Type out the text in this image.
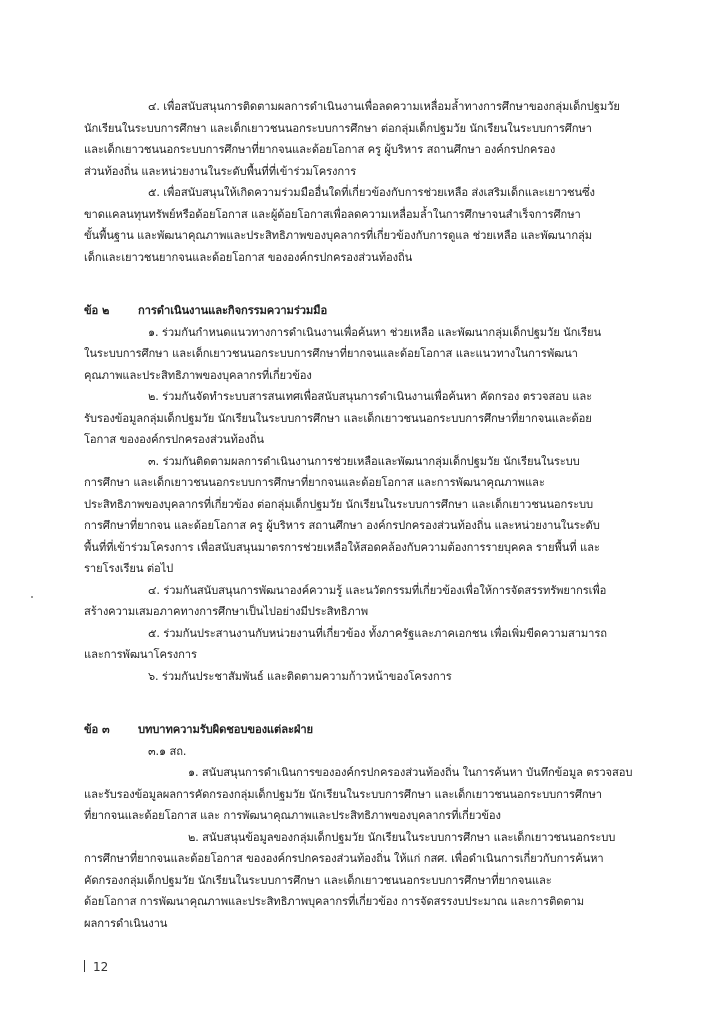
๔. เพื่อสนับสนุนการติดตามผลการดำเนินงานเพื่อลดความเหลื่อมล้ำทางการศึกษาของกลุ่มเด็กปฐมวัย
นักเรียนในระบบการศึกษา และเด็กเยาวชนนอกระบบการศึกษา ต่อกลุ่มเด็กปฐมวัย นักเรียนในระบบการศึกษา
และเด็กเยาวชนนอกระบบการศึกษาที่ยากจนและด้อยโอกาส ครู ผู้บริหาร สถานศึกษา องค์กรปกครอง
ส่วนท้องถิ่น และหน่วยงานในระดับพื้นที่ที่เข้าร่วมโครงการ
๕. เพื่อสนับสนุนให้เกิดความร่วมมืออื่นใดที่เกี่ยวข้องกับการช่วยเหลือ ส่งเสริมเด็กและเยาวชนซึ่ง
ขาดแคลนทุนทรัพย์หรือด้อยโอกาส และผู้ด้อยโอกาสเพื่อลดความเหลื่อมล้ำในการศึกษาจนสำเร็จการศึกษา
ขั้นพื้นฐาน และพัฒนาคุณภาพและประสิทธิภาพของบุคลากรที่เกี่ยวข้องกับการดูแล ช่วยเหลือ และพัฒนากลุ่ม
เด็กและเยาวชนยากจนและด้อยโอกาส ขององค์กรปกครองส่วนท้องถิ่น
ข้อ ๒	การดำเนินงานและกิจกรรมความร่วมมือ
๑. ร่วมกันกำหนดแนวทางการดำเนินงานเพื่อค้นหา ช่วยเหลือ และพัฒนากลุ่มเด็กปฐมวัย นักเรียน
ในระบบการศึกษา และเด็กเยาวชนนอกระบบการศึกษาที่ยากจนและด้อยโอกาส และแนวทางในการพัฒนา
คุณภาพและประสิทธิภาพของบุคลากรที่เกี่ยวข้อง
๒. ร่วมกันจัดทำระบบสารสนเทศเพื่อสนับสนุนการดำเนินงานเพื่อค้นหา คัดกรอง ตรวจสอบ และ
รับรองข้อมูลกลุ่มเด็กปฐมวัย นักเรียนในระบบการศึกษา และเด็กเยาวชนนอกระบบการศึกษาที่ยากจนและด้อย
โอกาส ขององค์กรปกครองส่วนท้องถิ่น
๓. ร่วมกันติดตามผลการดำเนินงานการช่วยเหลือและพัฒนากลุ่มเด็กปฐมวัย นักเรียนในระบบ
การศึกษา และเด็กเยาวชนนอกระบบการศึกษาที่ยากจนและด้อยโอกาส และการพัฒนาคุณภาพและ
ประสิทธิภาพของบุคลากรที่เกี่ยวข้อง ต่อกลุ่มเด็กปฐมวัย นักเรียนในระบบการศึกษา และเด็กเยาวชนนอกระบบ
การศึกษาที่ยากจน และด้อยโอกาส ครู ผู้บริหาร สถานศึกษา องค์กรปกครองส่วนท้องถิ่น และหน่วยงานในระดับ
พื้นที่ที่เข้าร่วมโครงการ เพื่อสนับสนุนมาตรการช่วยเหลือให้สอดคล้องกับความต้องการรายบุคคล รายพื้นที่ และ
รายโรงเรียน ต่อไป
๔. ร่วมกันสนับสนุนการพัฒนาองค์ความรู้ และนวัตกรรมที่เกี่ยวข้องเพื่อให้การจัดสรรทรัพยากรเพื่อ
สร้างความเสมอภาคทางการศึกษาเป็นไปอย่างมีประสิทธิภาพ
๕. ร่วมกันประสานงานกับหน่วยงานที่เกี่ยวข้อง ทั้งภาครัฐและภาคเอกชน เพื่อเพิ่มขีดความสามารถ
และการพัฒนาโครงการ
๖. ร่วมกันประชาสัมพันธ์ และติดตามความก้าวหน้าของโครงการ
ข้อ ๓	บทบาทความรับผิดชอบของแต่ละฝ่าย
๓.๑ สถ.
๑. สนับสนุนการดำเนินการขององค์กรปกครองส่วนท้องถิ่น ในการค้นหา บันทึกข้อมูล ตรวจสอบ
และรับรองข้อมูลผลการคัดกรองกลุ่มเด็กปฐมวัย นักเรียนในระบบการศึกษา และเด็กเยาวชนนอกระบบการศึกษา
ที่ยากจนและด้อยโอกาส และ การพัฒนาคุณภาพและประสิทธิภาพของบุคลากรที่เกี่ยวข้อง
๒. สนับสนุนข้อมูลของกลุ่มเด็กปฐมวัย นักเรียนในระบบการศึกษา และเด็กเยาวชนนอกระบบ
การศึกษาที่ยากจนและด้อยโอกาส ขององค์กรปกครองส่วนท้องถิ่น ให้แก่ กสศ. เพื่อดำเนินการเกี่ยวกับการค้นหา
คัดกรองกลุ่มเด็กปฐมวัย นักเรียนในระบบการศึกษา และเด็กเยาวชนนอกระบบการศึกษาที่ยากจนและ
ด้อยโอกาส การพัฒนาคุณภาพและประสิทธิภาพบุคลากรที่เกี่ยวข้อง การจัดสรรงบประมาณ และการติดตาม
ผลการดำเนินงาน
12
